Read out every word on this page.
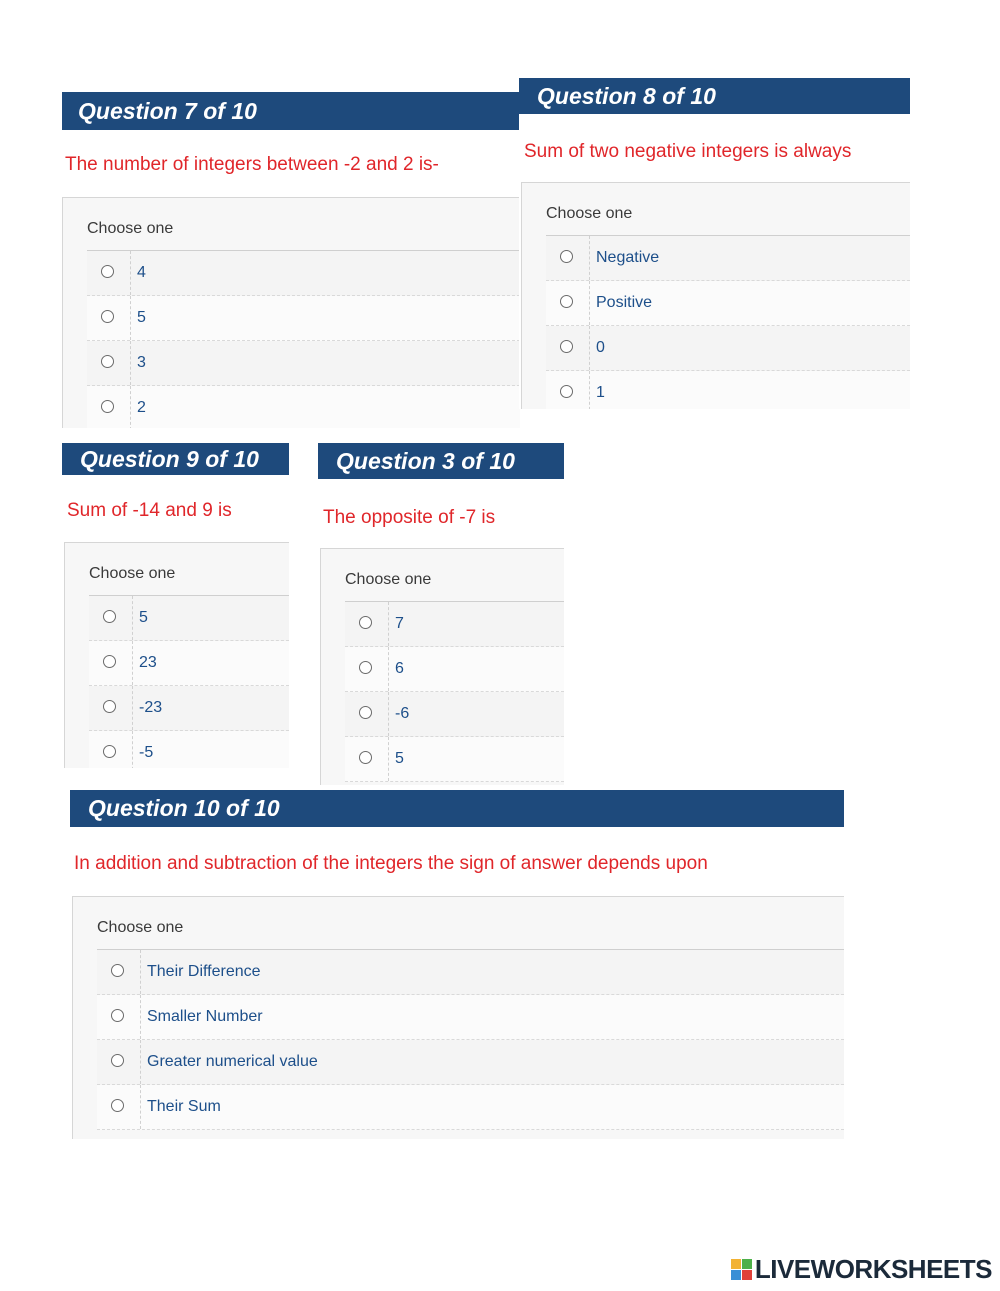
Question 7 of 10
The number of integers between -2 and 2 is-
Choose one
4
5
3
2
Question 8 of 10
Sum of two negative integers is always
Choose one
Negative
Positive
0
1
Question 9 of 10
Sum of -14 and 9 is
Choose one
5
23
-23
-5
Question 3 of 10
The opposite of -7 is
Choose one
7
6
-6
5
Question 10 of 10
In addition and subtraction of the integers the sign of answer depends upon
Choose one
Their Difference
Smaller Number
Greater numerical value
Their Sum
LIVEWORKSHEETS
